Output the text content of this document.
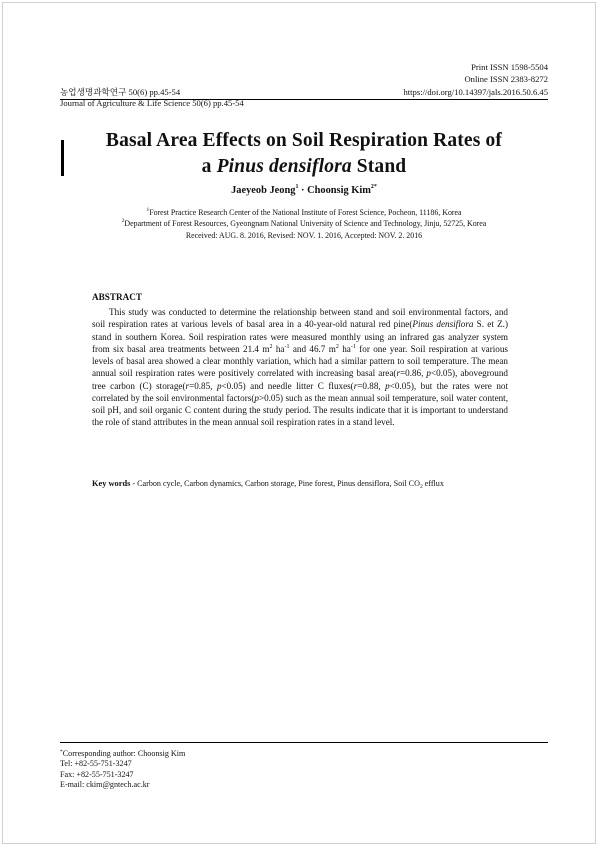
Print ISSN 1598-5504
Online ISSN 2383-8272
농업생명과학연구 50(6) pp.45-54
Journal of Agriculture & Life Science 50(6) pp.45-54
https://doi.org/10.14397/jals.2016.50.6.45
Basal Area Effects on Soil Respiration Rates of
a Pinus densiflora Stand
Jaeyeob Jeong$^1$ · Choonsig Kim$^{2*}$
$^1$Forest Practice Research Center of the National Institute of Forest Science, Pocheon, 11186, Korea
$^2$Department of Forest Resources, Gyeongnam National University of Science and Technology, Jinju, 52725, Korea
Received: AUG. 8. 2016, Revised: NOV. 1. 2016, Accepted: NOV. 2. 2016
ABSTRACT
This study was conducted to determine the relationship between stand and soil environmental factors, and soil respiration rates at various levels of basal area in a 40-year-old natural red pine(Pinus densiflora S. et Z.) stand in southern Korea. Soil respiration rates were measured monthly using an infrared gas analyzer system from six basal area treatments between 21.4 $m^2$ $ha^{-1}$ and 46.7 $m^2$ $ha^{-1}$ for one year. Soil respiration at various levels of basal area showed a clear monthly variation, which had a similar pattern to soil temperature. The mean annual soil respiration rates were positively correlated with increasing basal area(r=0.86, p<0.05), aboveground tree carbon (C) storage(r=0.85, p<0.05) and needle litter C fluxes(r=0.88, p<0.05), but the rates were not correlated by the soil environmental factors(p>0.05) such as the mean annual soil temperature, soil water content, soil pH, and soil organic C content during the study period. The results indicate that it is important to understand the role of stand attributes in the mean annual soil respiration rates in a stand level.
Key words - Carbon cycle, Carbon dynamics, Carbon storage, Pine forest, Pinus densiflora, Soil $CO_2$ efflux
*Corresponding author: Choonsig Kim
Tel: +82-55-751-3247
Fax: +82-55-751-3247
E-mail: ckim@gntech.ac.kr
